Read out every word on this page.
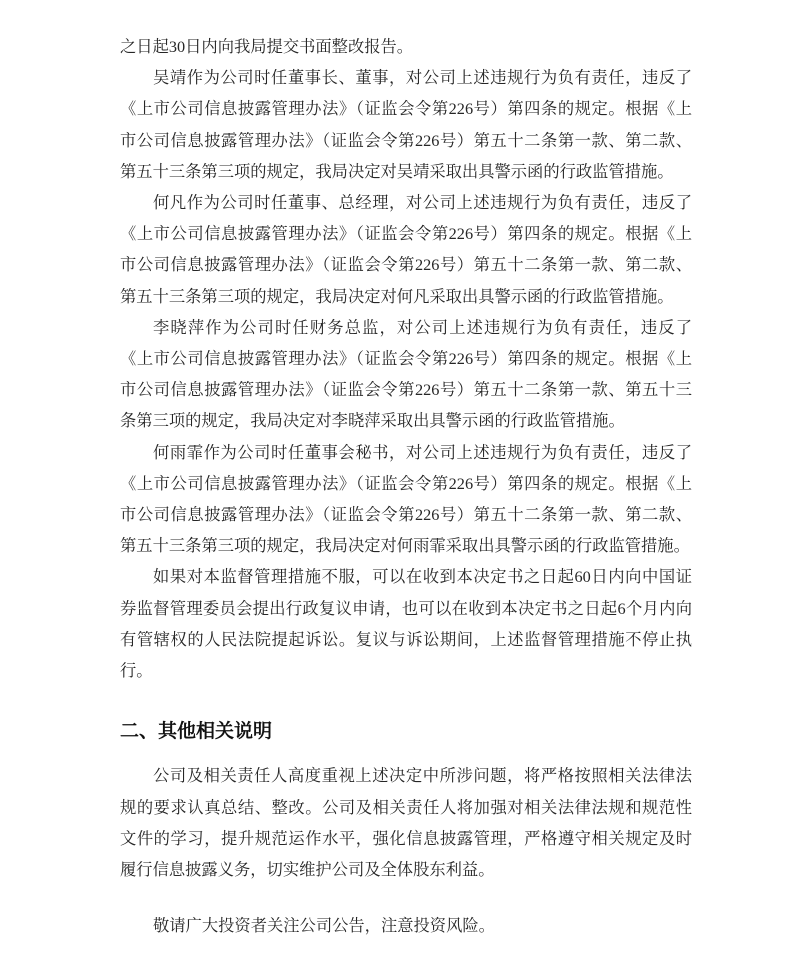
之日起30日内向我局提交书面整改报告。
吴靖作为公司时任董事长、董事，对公司上述违规行为负有责任，违反了
《上市公司信息披露管理办法》（证监会令第226号）第四条的规定。根据《上
市公司信息披露管理办法》（证监会令第226号）第五十二条第一款、第二款、
第五十三条第三项的规定，我局决定对吴靖采取出具警示函的行政监管措施。
何凡作为公司时任董事、总经理，对公司上述违规行为负有责任，违反了
《上市公司信息披露管理办法》（证监会令第226号）第四条的规定。根据《上
市公司信息披露管理办法》（证监会令第226号）第五十二条第一款、第二款、
第五十三条第三项的规定，我局决定对何凡采取出具警示函的行政监管措施。
李晓萍作为公司时任财务总监，对公司上述违规行为负有责任，违反了
《上市公司信息披露管理办法》（证监会令第226号）第四条的规定。根据《上
市公司信息披露管理办法》（证监会令第226号）第五十二条第一款、第五十三
条第三项的规定，我局决定对李晓萍采取出具警示函的行政监管措施。
何雨霏作为公司时任董事会秘书，对公司上述违规行为负有责任，违反了
《上市公司信息披露管理办法》（证监会令第226号）第四条的规定。根据《上
市公司信息披露管理办法》（证监会令第226号）第五十二条第一款、第二款、
第五十三条第三项的规定，我局决定对何雨霏采取出具警示函的行政监管措施。
如果对本监督管理措施不服，可以在收到本决定书之日起60日内向中国证
券监督管理委员会提出行政复议申请，也可以在收到本决定书之日起6个月内向
有管辖权的人民法院提起诉讼。复议与诉讼期间，上述监督管理措施不停止执
行。
二、其他相关说明
公司及相关责任人高度重视上述决定中所涉问题，将严格按照相关法律法
规的要求认真总结、整改。公司及相关责任人将加强对相关法律法规和规范性
文件的学习，提升规范运作水平，强化信息披露管理，严格遵守相关规定及时
履行信息披露义务，切实维护公司及全体股东利益。
敬请广大投资者关注公司公告，注意投资风险。
